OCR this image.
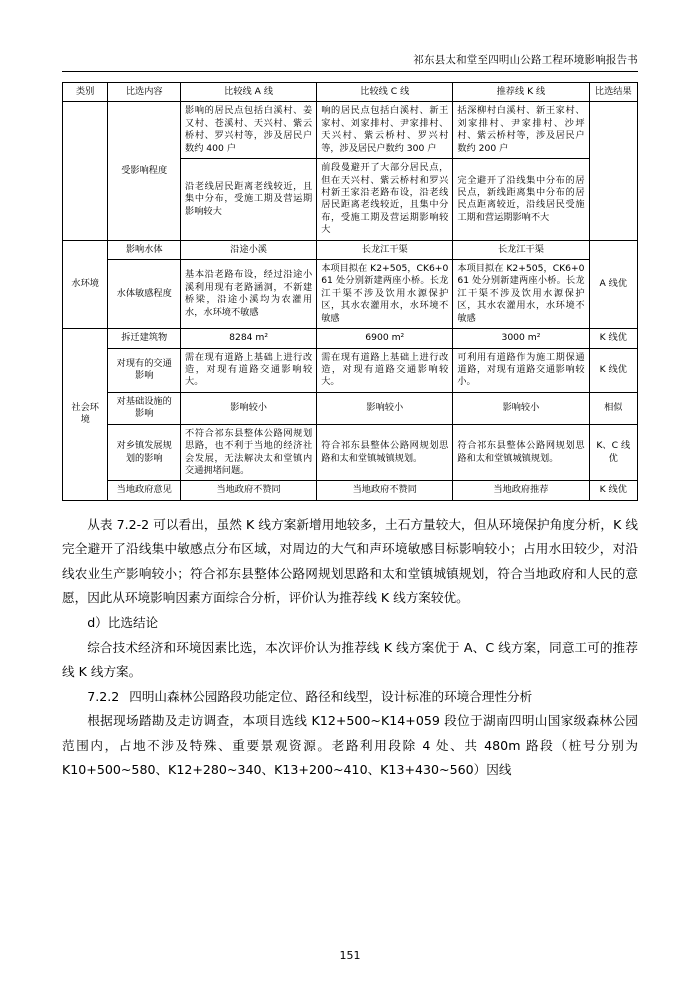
祁东县太和堂至四明山公路工程环境影响报告书
类别	比选内容	比较线 A 线	比较线 C 线	推荐线 K 线	比选结果
	受影响程度	影响的居民点包括白溪村、姜又村、苍溪村、天兴村、紫云桥村、罗兴村等，涉及居民户数约 400 户	响的居民点包括白溪村、新王家村、刘家排村、尹家排村、天兴村、紫云桥村、罗兴村等，涉及居民户数约 300 户	括深柳村白溪村、新王家村、刘家排村、尹家排村、沙坪村、紫云桥村等，涉及居民户数约 200 户	
		沿老线居民距离老线较近，且集中分布，受施工期及营运期影响较大	前段曼避开了大部分居民点，但在天兴村、紫云桥村和罗兴村新王家沿老路布设，沿老线居民距离老线较近，且集中分布，受施工期及营运期影响较大	完全避开了沿线集中分布的居民点，新线距离集中分布的居民点距离较近，沿线居民受施工期和营运期影响不大	
水环境	影响水体	沿途小溪	长龙江干渠	长龙江干渠	A 线优
	水体敏感程度	基本沿老路布设，经过沿途小溪利用现有老路涵洞，不新建桥梁，沿途小溪均为农灌用水，水环境不敏感	本项目拟在 K2+505，CK6+061 处分别新建两座小桥。长龙江干渠不涉及饮用水源保护区，其水农灌用水，水环境不敏感	本项目拟在 K2+505，CK6+061 处分别新建两座小桥。长龙江干渠不涉及饮用水源保护区，其水农灌用水，水环境不敏感	
社会环境	拆迁建筑物	8284 m²	6900 m²	3000 m²	K 线优
	对现有的交通影响	需在现有道路上基础上进行改造，对现有道路交通影响较大。	需在现有道路上基础上进行改造，对现有道路交通影响较大。	可利用有道路作为施工期保通道路，对现有道路交通影响较小。	K 线优
	对基础设施的影响	影响较小	影响较小	影响较小	相似
	对乡镇发展规划的影响	不符合祁东县整体公路网规划思路，也不利于当地的经济社会发展，无法解决太和堂镇内交通拥堵问题。	符合祁东县整体公路网规划思路和太和堂镇城镇规划。	符合祁东县整体公路网规划思路和太和堂镇城镇规划。	K、C 线优
	当地政府意见	当地政府不赞同	当地政府不赞同	当地政府推荐	K 线优

从表 7.2-2 可以看出，虽然 K 线方案新增用地较多，土石方量较大，但从环境保护角度分析，K 线完全避开了沿线集中敏感点分布区域，对周边的大气和声环境敏感目标影响较小；占用水田较少，对沿线农业生产影响较小；符合祁东县整体公路网规划思路和太和堂镇城镇规划，符合当地政府和人民的意愿，因此从环境影响因素方面综合分析，评价认为推荐线 K 线方案较优。

d）比选结论

综合技术经济和环境因素比选，本次评价认为推荐线 K 线方案优于 A、C 线方案，同意工可的推荐线 K 线方案。

7.2.2 四明山森林公园路段功能定位、路径和线型，设计标准的环境合理性分析

根据现场踏勘及走访调查，本项目选线 K12+500~K14+059 段位于湖南四明山国家级森林公园范围内，占地不涉及特殊、重要景观资源。老路利用段除 4 处、共 480m 路段（桩号分别为 K10+500~580、K12+280~340、K13+200~410、K13+430~560）因线

151
